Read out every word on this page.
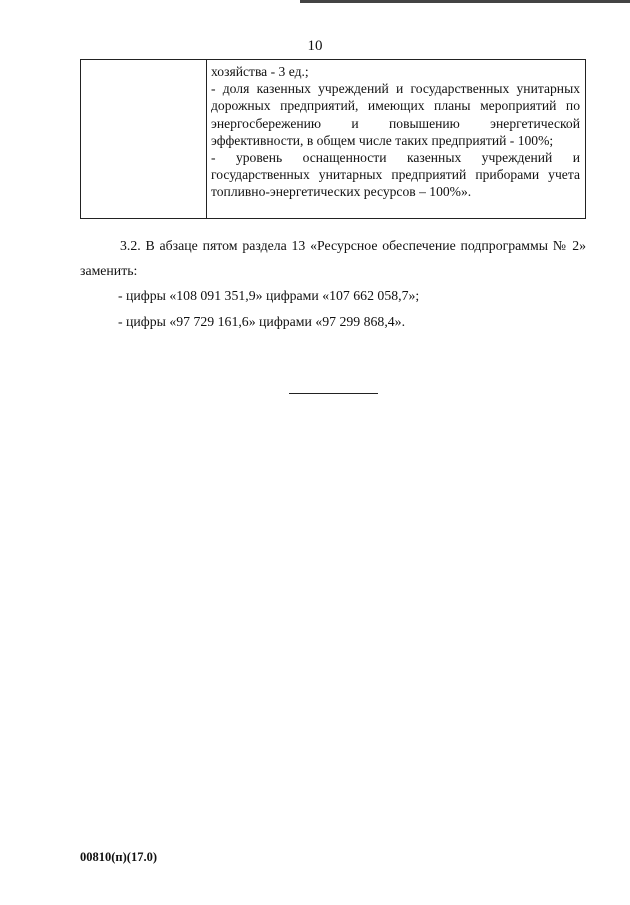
10

хозяйства - 3 ед.;

- доля казенных учреждений и государственных унитарных дорожных предприятий, имеющих планы мероприятий по энергосбережению и повышению энергетической эффективности, в общем числе таких предприятий - 100%;

- уровень оснащенности казенных учреждений и государственных унитарных предприятий приборами учета топливно-энергетических ресурсов – 100%».

3.2. В абзаце пятом раздела 13 «Ресурсное обеспечение подпрограммы № 2» заменить:
- цифры «108 091 351,9» цифрами «107 662 058,7»;
- цифры «97 729 161,6» цифрами «97 299 868,4».
00810(п)(17.0)
